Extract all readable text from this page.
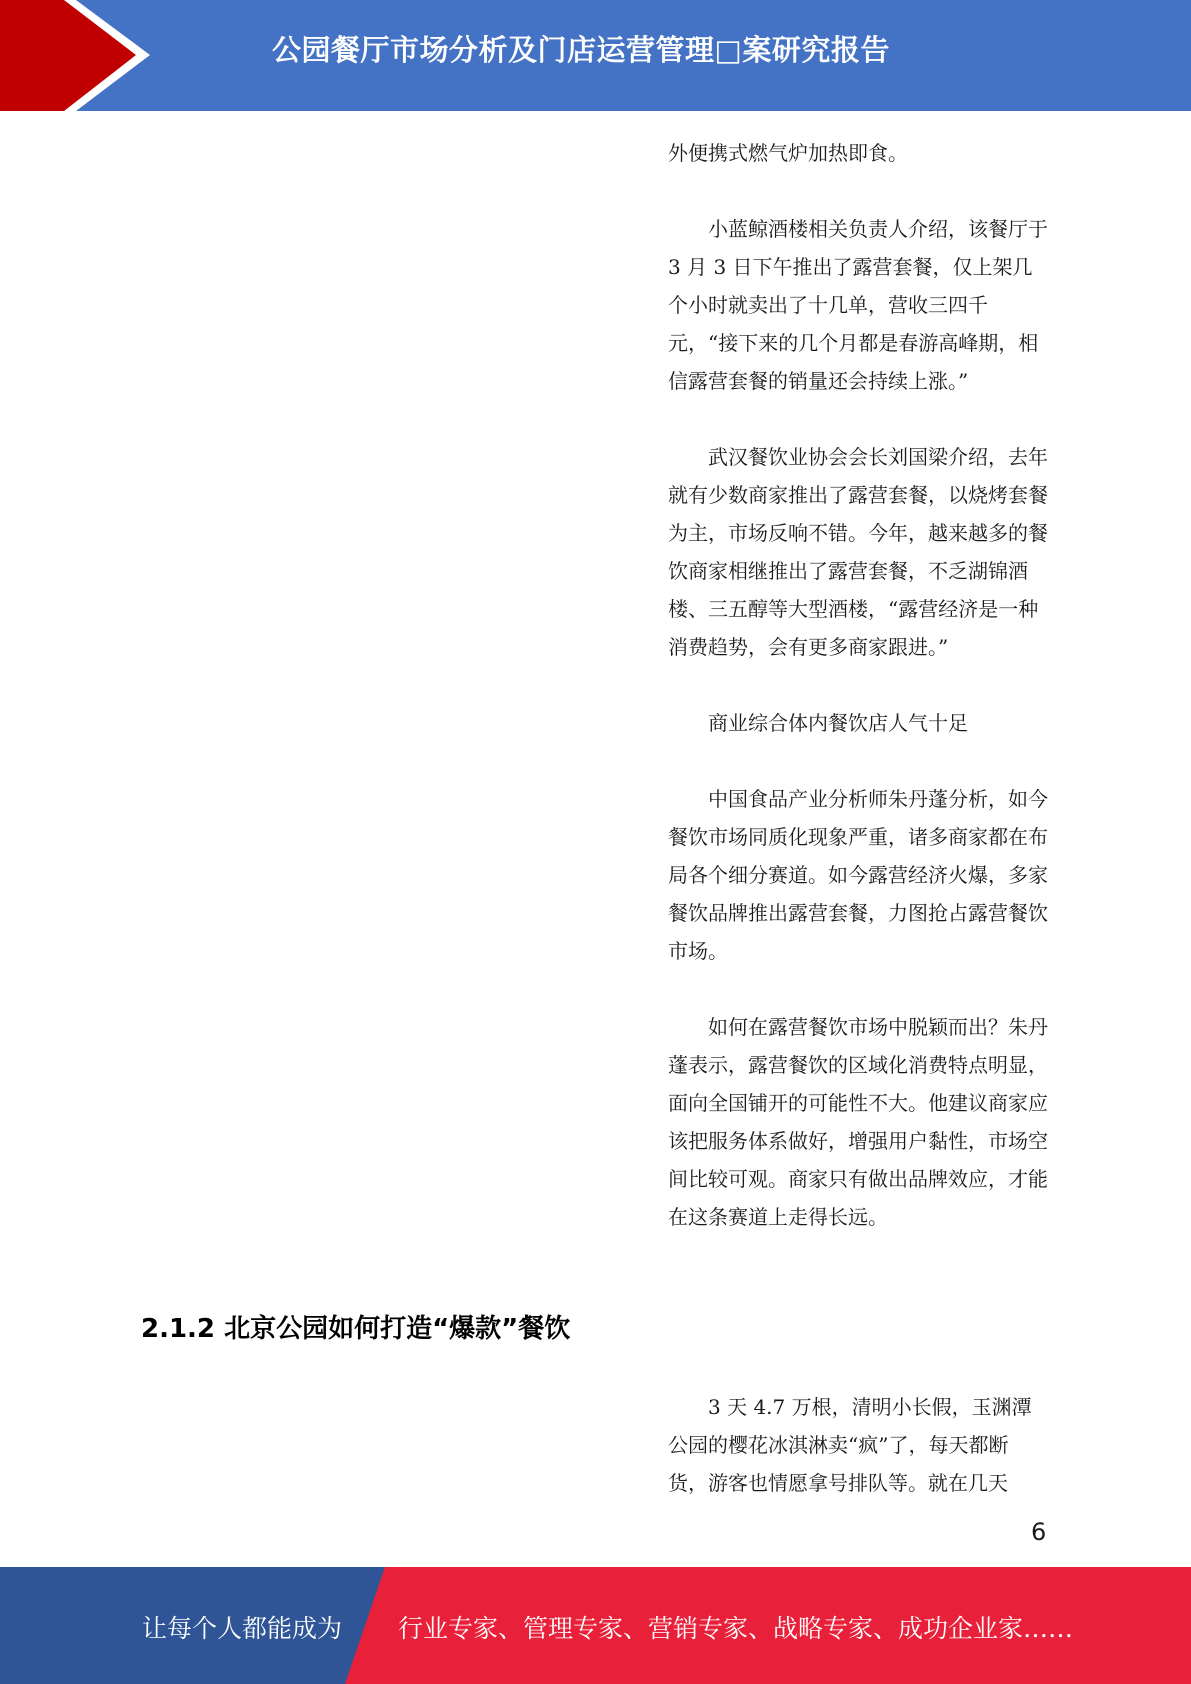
公园餐厅市场分析及门店运营管理□案研究报告

外便携式燃气炉加热即食。

小蓝鲸酒楼相关负责人介绍，该餐厅于 3 月 3 日下午推出了露营套餐，仅上架几个小时就卖出了十几单，营收三四千元，“接下来的几个月都是春游高峰期，相信露营套餐的销量还会持续上涨。”

武汉餐饮业协会会长刘国梁介绍，去年就有少数商家推出了露营套餐，以烧烤套餐为主，市场反响不错。今年，越来越多的餐饮商家相继推出了露营套餐，不乏湖锦酒楼、三五醇等大型酒楼，“露营经济是一种消费趋势，会有更多商家跟进。”

商业综合体内餐饮店人气十足

中国食品产业分析师朱丹蓬分析，如今餐饮市场同质化现象严重，诸多商家都在布局各个细分赛道。如今露营经济火爆，多家餐饮品牌推出露营套餐，力图抢占露营餐饮市场。

如何在露营餐饮市场中脱颖而出？朱丹蓬表示，露营餐饮的区域化消费特点明显，面向全国铺开的可能性不大。他建议商家应该把服务体系做好，增强用户黏性，市场空间比较可观。商家只有做出品牌效应，才能在这条赛道上走得长远。

2.1.2 北京公园如何打造“爆款”餐饮

3 天 4.7 万根，清明小长假，玉渊潭公园的樱花冰淇淋卖“疯”了，每天都断货，游客也情愿拿号排队等。就在几天

6
让每个人都能成为 行业专家、管理专家、营销专家、战略专家、成功企业家……
